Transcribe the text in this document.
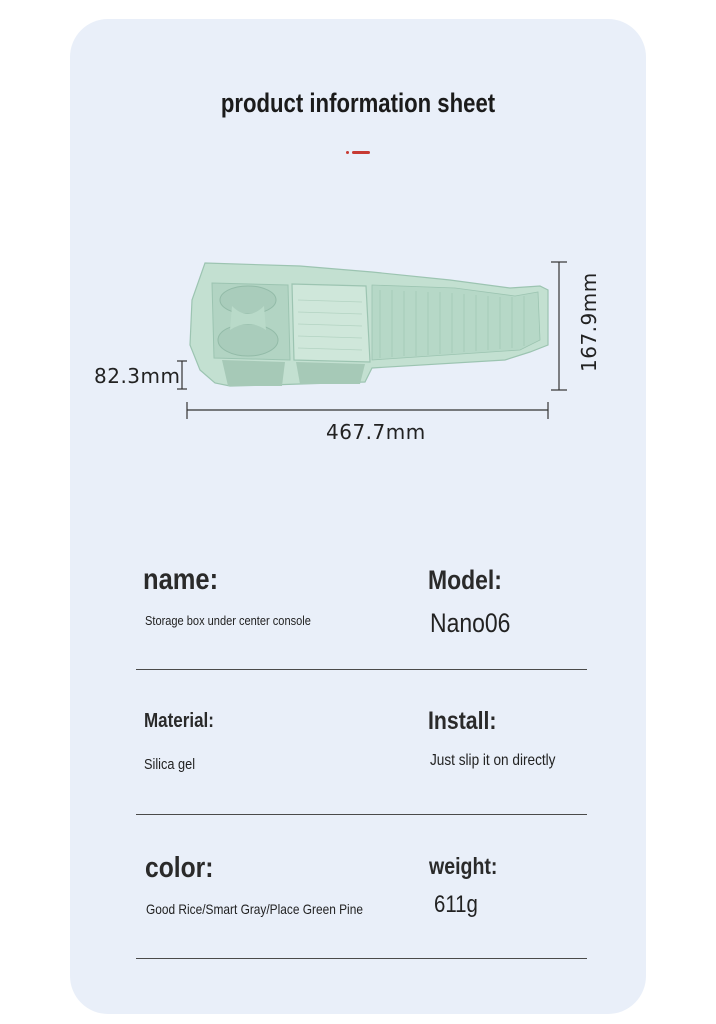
product information sheet
467.7mm
82.3mm
167.9mm
name:
Storage box under center console
Model:
Nano06
Material:
Silica gel
Install:
Just slip it on directly
color:
Good Rice/Smart Gray/Place Green Pine
weight:
611g
